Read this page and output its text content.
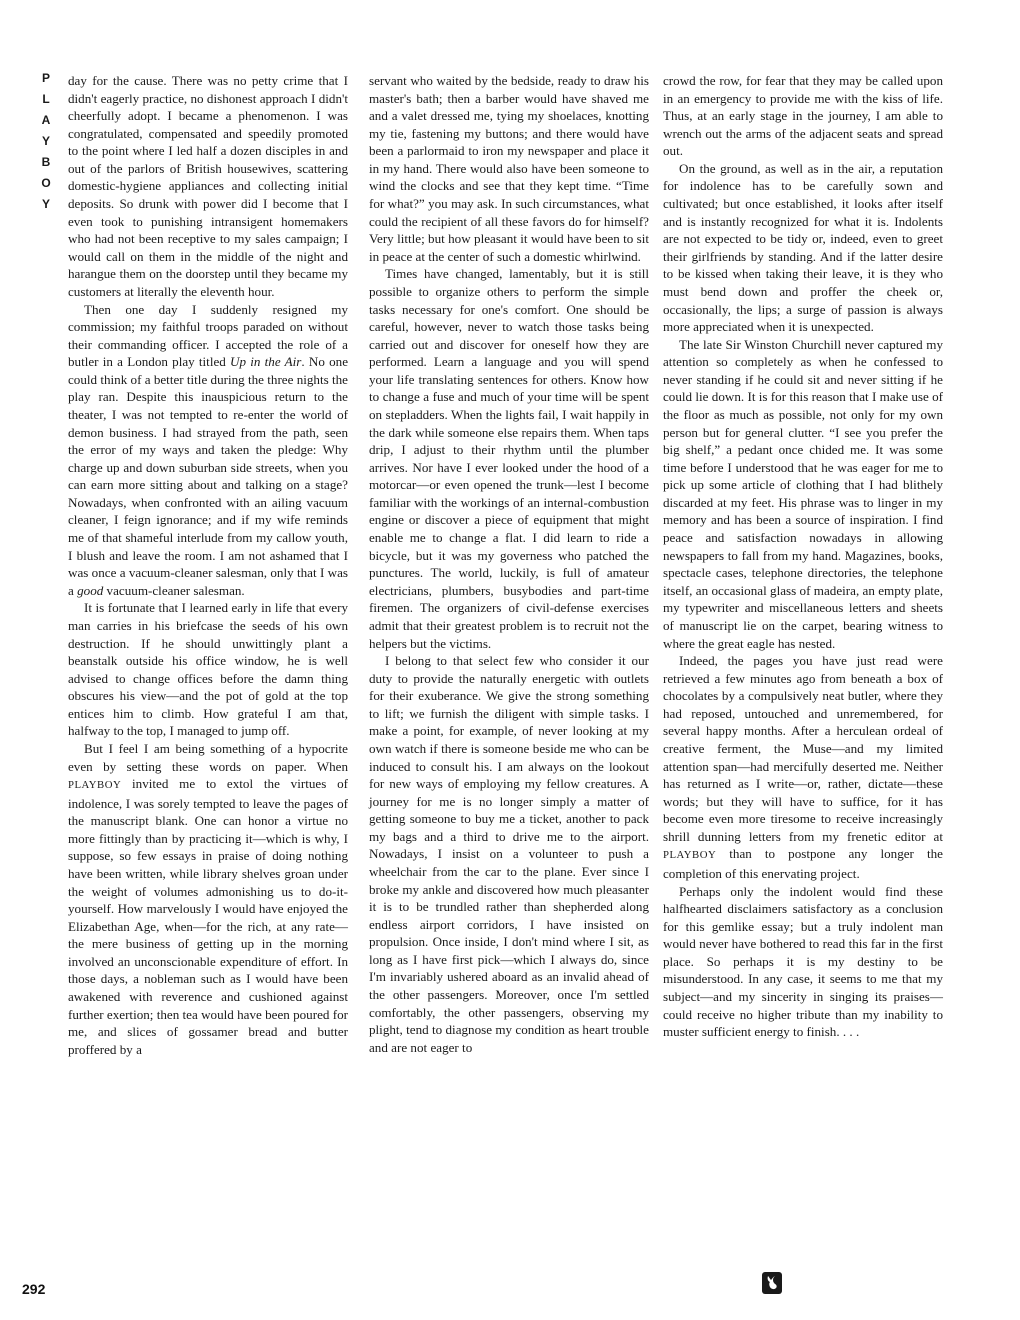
P
L
A
Y
B
O
Y

day for the cause. There was no petty crime that I didn't eagerly practice, no dishonest approach I didn't cheerfully adopt. I became a phenomenon. I was congratulated, compensated and speedily promoted to the point where I led half a dozen disciples in and out of the parlors of British housewives, scattering domestic-hygiene appliances and collecting initial deposits. So drunk with power did I become that I even took to punishing intransigent homemakers who had not been receptive to my sales campaign; I would call on them in the middle of the night and harangue them on the doorstep until they became my customers at literally the eleventh hour.

Then one day I suddenly resigned my commission; my faithful troops paraded on without their commanding officer. I accepted the role of a butler in a London play titled Up in the Air. No one could think of a better title during the three nights the play ran. Despite this inauspicious return to the theater, I was not tempted to re-enter the world of demon business. I had strayed from the path, seen the error of my ways and taken the pledge: Why charge up and down suburban side streets, when you can earn more sitting about and talking on a stage? Nowadays, when confronted with an ailing vacuum cleaner, I feign ignorance; and if my wife reminds me of that shameful interlude from my callow youth, I blush and leave the room. I am not ashamed that I was once a vacuum-cleaner salesman, only that I was a good vacuum-cleaner salesman.

It is fortunate that I learned early in life that every man carries in his briefcase the seeds of his own destruction. If he should unwittingly plant a beanstalk outside his office window, he is well advised to change offices before the damn thing obscures his view—and the pot of gold at the top entices him to climb. How grateful I am that, halfway to the top, I managed to jump off.

But I feel I am being something of a hypocrite even by setting these words on paper. When PLAYBOY invited me to extol the virtues of indolence, I was sorely tempted to leave the pages of the manuscript blank. One can honor a virtue no more fittingly than by practicing it—which is why, I suppose, so few essays in praise of doing nothing have been written, while library shelves groan under the weight of volumes admonishing us to do-it-yourself. How marvelously I would have enjoyed the Elizabethan Age, when—for the rich, at any rate—the mere business of getting up in the morning involved an unconscionable expenditure of effort. In those days, a nobleman such as I would have been awakened with reverence and cushioned against further exertion; then tea would have been poured for me, and slices of gossamer bread and butter proffered by a

servant who waited by the bedside, ready to draw his master's bath; then a barber would have shaved me and a valet dressed me, tying my shoelaces, knotting my tie, fastening my buttons; and there would have been a parlormaid to iron my newspaper and place it in my hand. There would also have been someone to wind the clocks and see that they kept time. “Time for what?” you may ask. In such circumstances, what could the recipient of all these favors do for himself? Very little; but how pleasant it would have been to sit in peace at the center of such a domestic whirlwind.

Times have changed, lamentably, but it is still possible to organize others to perform the simple tasks necessary for one's comfort. One should be careful, however, never to watch those tasks being carried out and discover for oneself how they are performed. Learn a language and you will spend your life translating sentences for others. Know how to change a fuse and much of your time will be spent on stepladders. When the lights fail, I wait happily in the dark while someone else repairs them. When taps drip, I adjust to their rhythm until the plumber arrives. Nor have I ever looked under the hood of a motorcar—or even opened the trunk—lest I become familiar with the workings of an internal-combustion engine or discover a piece of equipment that might enable me to change a flat. I did learn to ride a bicycle, but it was my governess who patched the punctures. The world, luckily, is full of amateur electricians, plumbers, busybodies and part-time firemen. The organizers of civil-defense exercises admit that their greatest problem is to recruit not the helpers but the victims.

I belong to that select few who consider it our duty to provide the naturally energetic with outlets for their exuberance. We give the strong something to lift; we furnish the diligent with simple tasks. I make a point, for example, of never looking at my own watch if there is someone beside me who can be induced to consult his. I am always on the lookout for new ways of employing my fellow creatures. A journey for me is no longer simply a matter of getting someone to buy me a ticket, another to pack my bags and a third to drive me to the airport. Nowadays, I insist on a volunteer to push a wheelchair from the car to the plane. Ever since I broke my ankle and discovered how much pleasanter it is to be trundled rather than shepherded along endless airport corridors, I have insisted on propulsion. Once inside, I don't mind where I sit, as long as I have first pick—which I always do, since I'm invariably ushered aboard as an invalid ahead of the other passengers. Moreover, once I'm settled comfortably, the other passengers, observing my plight, tend to diagnose my condition as heart trouble and are not eager to

crowd the row, for fear that they may be called upon in an emergency to provide me with the kiss of life. Thus, at an early stage in the journey, I am able to wrench out the arms of the adjacent seats and spread out.

On the ground, as well as in the air, a reputation for indolence has to be carefully sown and cultivated; but once established, it looks after itself and is instantly recognized for what it is. Indolents are not expected to be tidy or, indeed, even to greet their girlfriends by standing. And if the latter desire to be kissed when taking their leave, it is they who must bend down and proffer the cheek or, occasionally, the lips; a surge of passion is always more appreciated when it is unexpected.

The late Sir Winston Churchill never captured my attention so completely as when he confessed to never standing if he could sit and never sitting if he could lie down. It is for this reason that I make use of the floor as much as possible, not only for my own person but for general clutter. “I see you prefer the big shelf,” a pedant once chided me. It was some time before I understood that he was eager for me to pick up some article of clothing that I had blithely discarded at my feet. His phrase was to linger in my memory and has been a source of inspiration. I find peace and satisfaction nowadays in allowing newspapers to fall from my hand. Magazines, books, spectacle cases, telephone directories, the telephone itself, an occasional glass of madeira, an empty plate, my typewriter and miscellaneous letters and sheets of manuscript lie on the carpet, bearing witness to where the great eagle has nested.

Indeed, the pages you have just read were retrieved a few minutes ago from beneath a box of chocolates by a compulsively neat butler, where they had reposed, untouched and unremembered, for several happy months. After a herculean ordeal of creative ferment, the Muse—and my limited attention span—had mercifully deserted me. Neither has returned as I write—or, rather, dictate—these words; but they will have to suffice, for it has become even more tiresome to receive increasingly shrill dunning letters from my frenetic editor at PLAYBOY than to postpone any longer the completion of this enervating project.

Perhaps only the indolent would find these halfhearted disclaimers satisfactory as a conclusion for this gemlike essay; but a truly indolent man would never have bothered to read this far in the first place. So perhaps it is my destiny to be misunderstood. In any case, it seems to me that my subject—and my sincerity in singing its praises—could receive no higher tribute than my inability to muster sufficient energy to finish. . . .

292
